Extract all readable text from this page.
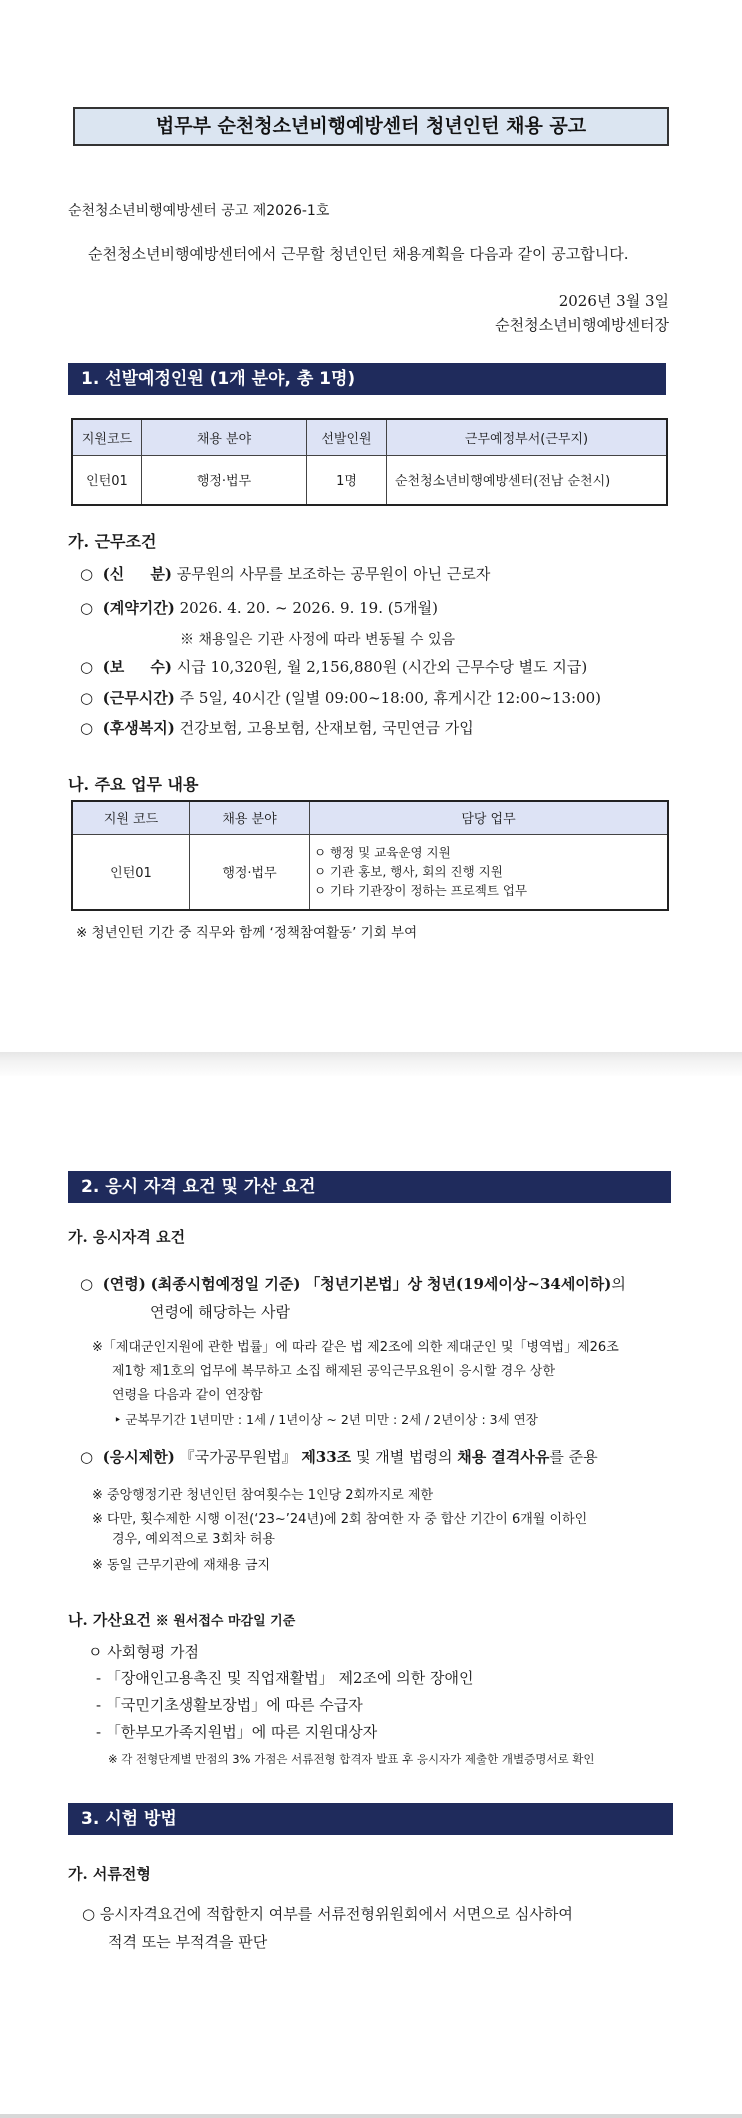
법무부 순천청소년비행예방센터 청년인턴 채용 공고
순천청소년비행예방센터 공고 제2026-1호
순천청소년비행예방센터에서 근무할 청년인턴 채용계획을 다음과 같이 공고합니다.
2026년 3월 3일
순천청소년비행예방센터장
1. 선발예정인원 (1개 분야, 총 1명)
지원코드	채용 분야	선발인원	근무예정부서(근무지)
인턴01	행정·법무	1명	순천청소년비행예방센터(전남 순천시)
가. 근무조건
○ (신     분) 공무원의 사무를 보조하는 공무원이 아닌 근로자
○ (계약기간) 2026. 4. 20. ~ 2026. 9. 19. (5개월)
※ 채용일은 기관 사정에 따라 변동될 수 있음
○ (보     수) 시급 10,320원, 월 2,156,880원 (시간외 근무수당 별도 지급)
○ (근무시간) 주 5일, 40시간 (일별 09:00~18:00, 휴게시간 12:00~13:00)
○ (후생복지) 건강보험, 고용보험, 산재보험, 국민연금 가입
나. 주요 업무 내용
지원 코드	채용 분야	담당 업무
인턴01	행정·법무	ㅇ 행정 및 교육운영 지원
ㅇ 기관 홍보, 행사, 회의 진행 지원
ㅇ 기타 기관장이 정하는 프로젝트 업무
※ 청년인턴 기간 중 직무와 함께 ‘정책참여활동’ 기회 부여
2. 응시 자격 요건 및 가산 요건
가. 응시자격 요건
○ (연령) (최종시험예정일 기준) 「청년기본법」상 청년(19세이상~34세이하)의
연령에 해당하는 사람
※「제대군인지원에 관한 법률」에 따라 같은 법 제2조에 의한 제대군인 및「병역법」제26조
제1항 제1호의 업무에 복무하고 소집 해제된 공익근무요원이 응시할 경우 상한
연령을 다음과 같이 연장함
‣ 군복무기간 1년미만 : 1세 / 1년이상 ~ 2년 미만 : 2세 / 2년이상 : 3세 연장
○ (응시제한) 『국가공무원법』 제33조 및 개별 법령의 채용 결격사유를 준용
※ 중앙행정기관 청년인턴 참여횟수는 1인당 2회까지로 제한
※ 다만, 횟수제한 시행 이전(‘23~’24년)에 2회 참여한 자 중 합산 기간이 6개월 이하인
경우, 예외적으로 3회차 허용
※ 동일 근무기관에 재채용 금지
나. 가산요건 ※ 원서접수 마감일 기준
ㅇ 사회형평 가점
- 「장애인고용촉진 및 직업재활법」 제2조에 의한 장애인
- 「국민기초생활보장법」에 따른 수급자
- 「한부모가족지원법」에 따른 지원대상자
※ 각 전형단계별 만점의 3% 가점은 서류전형 합격자 발표 후 응시자가 제출한 개별증명서로 확인
3. 시험 방법
가. 서류전형
○ 응시자격요건에 적합한지 여부를 서류전형위원회에서 서면으로 심사하여
적격 또는 부적격을 판단
